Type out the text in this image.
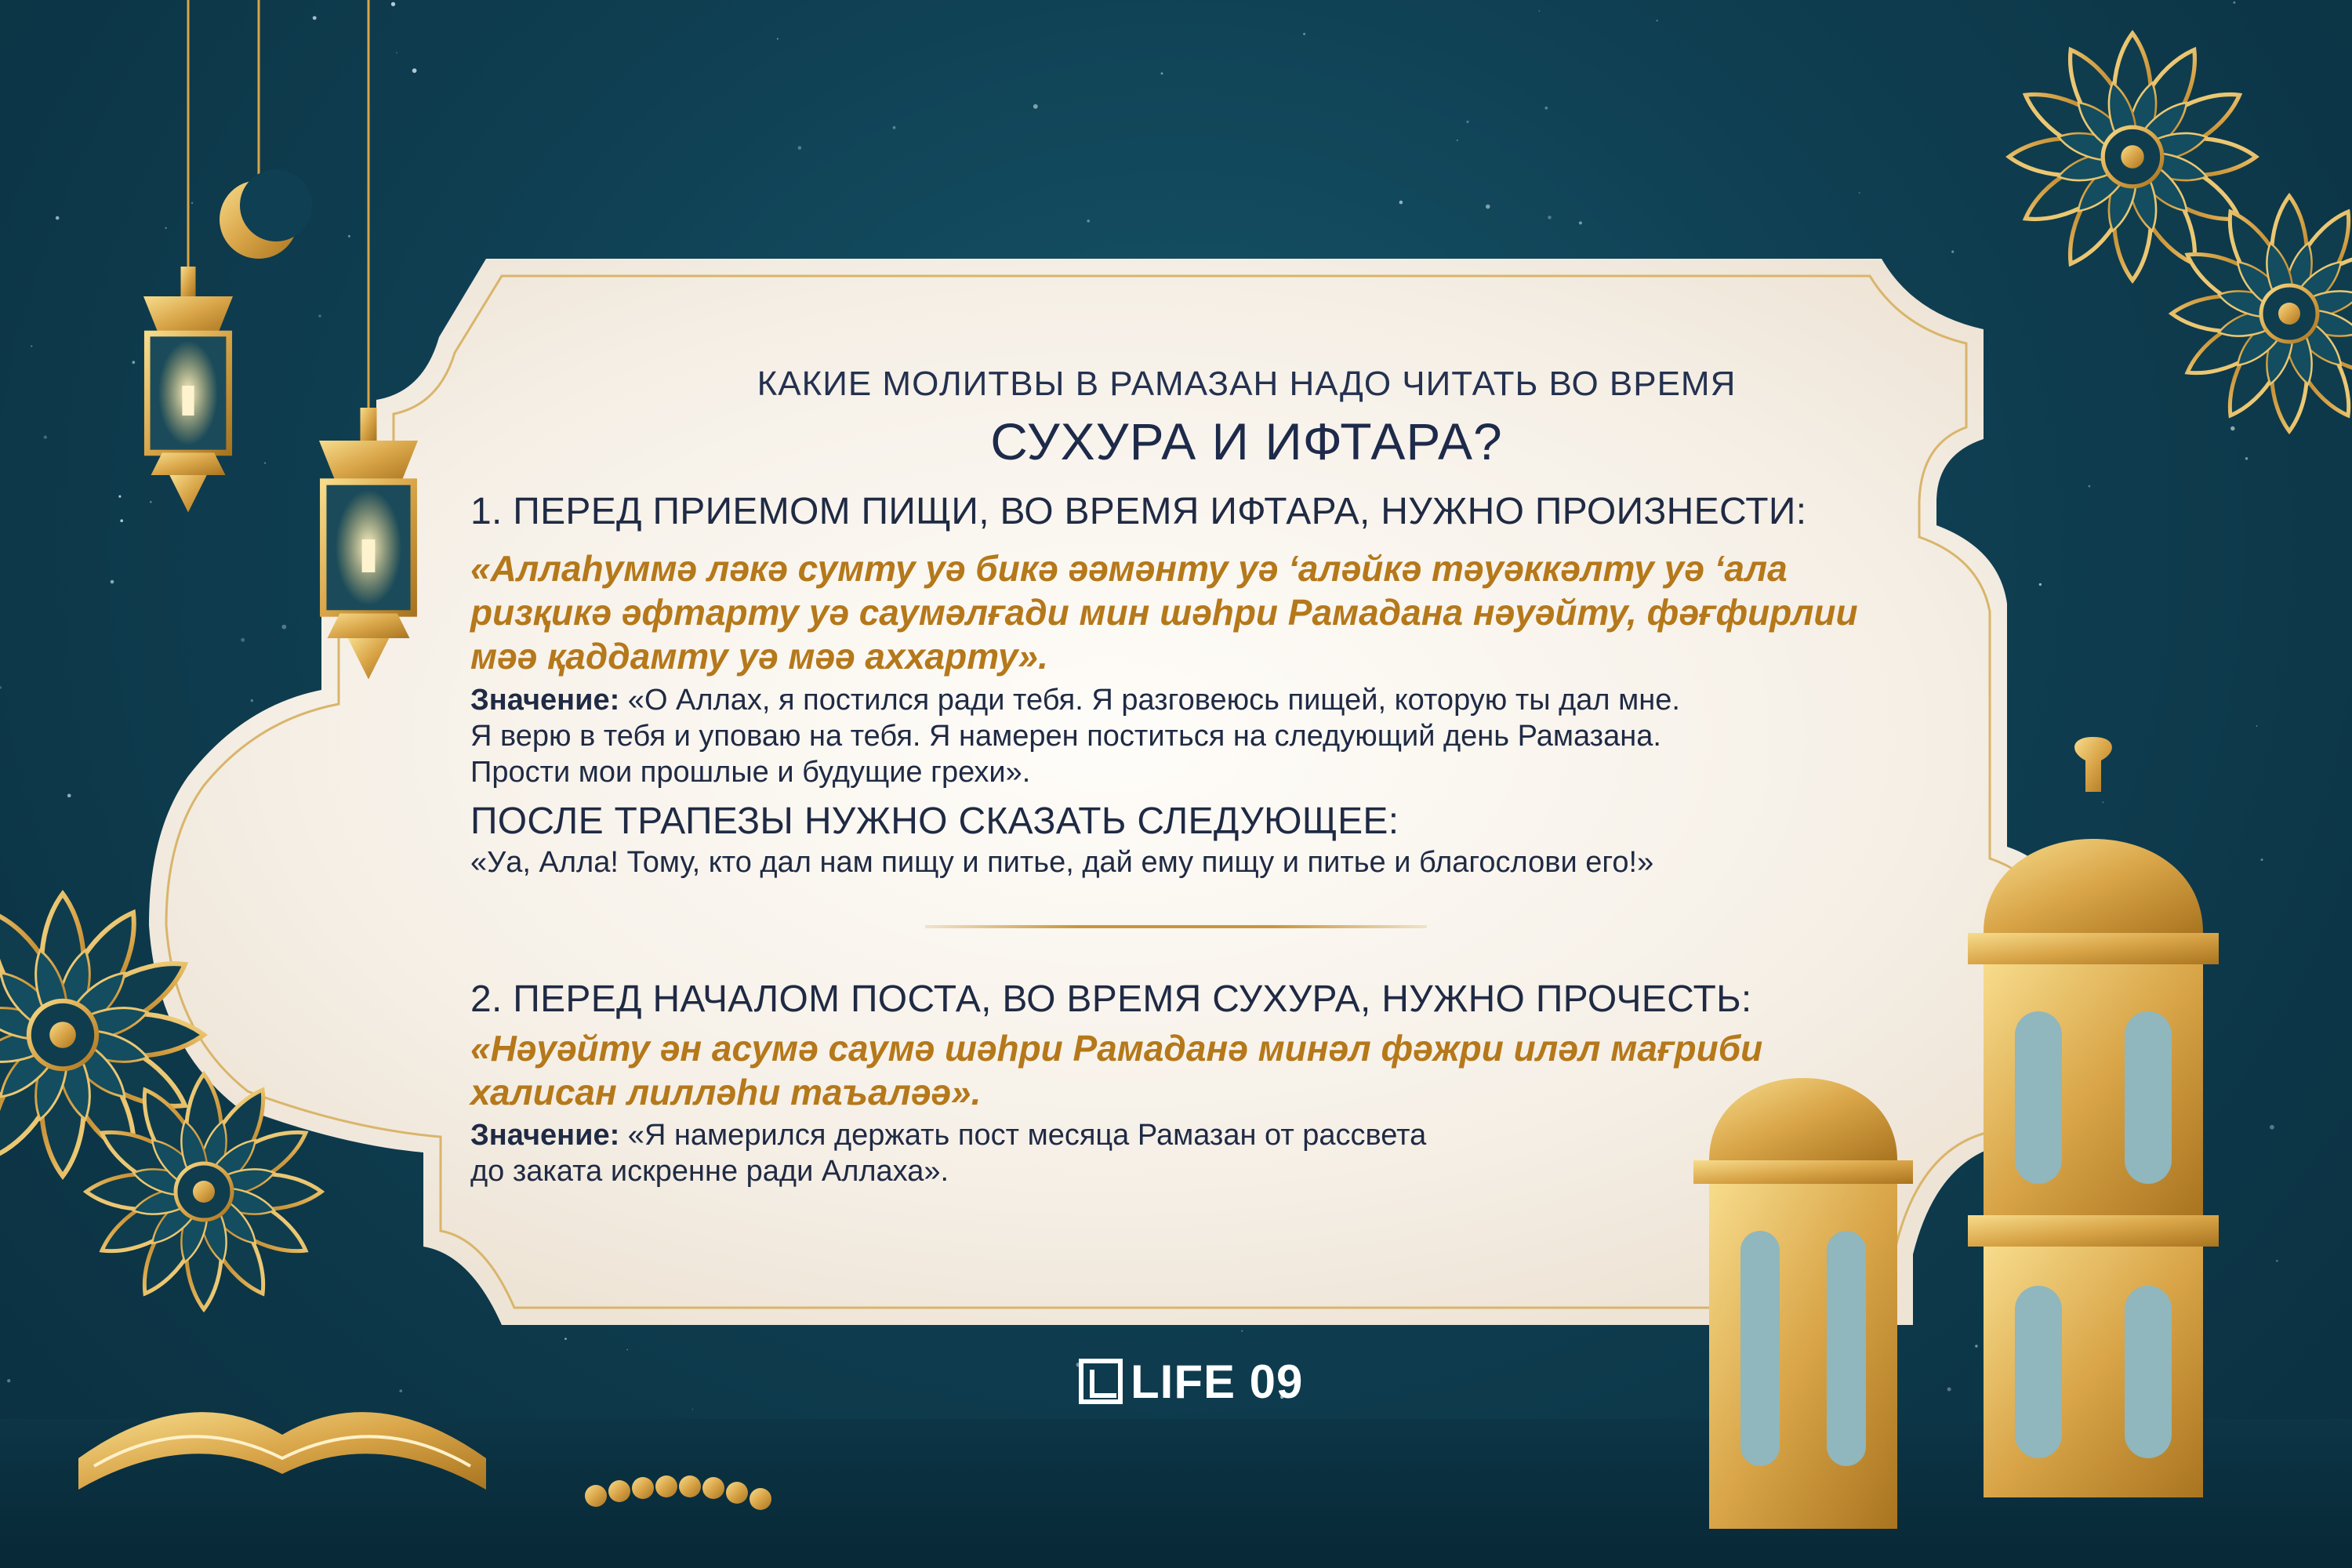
КАКИЕ МОЛИТВЫ В РАМАЗАН НАДО ЧИТАТЬ ВО ВРЕМЯ
СУХУРА И ИФТАРА?
1. ПЕРЕД ПРИЕМОМ ПИЩИ, ВО ВРЕМЯ ИФТАРА, НУЖНО ПРОИЗНЕСТИ:
«Аллаһуммә ләкә сумту уә бикә әәмәнту уә ‘аләйкә тәуәккәлту уә ‘ала
ризқикә әфтарту уә саумәлғади мин шәһри Рамадана нәуәйту, фәғфирлии
мәә қаддамту уә мәә аххарту».
Значение: «О Аллах, я постился ради тебя. Я разговеюсь пищей, которую ты дал мне.
Я верю в тебя и уповаю на тебя. Я намерен поститься на следующий день Рамазана.
Прости мои прошлые и будущие грехи».
ПОСЛЕ ТРАПЕЗЫ НУЖНО СКАЗАТЬ СЛЕДУЮЩЕЕ:
«Уа, Алла! Тому, кто дал нам пищу и питье, дай ему пищу и питье и благослови его!»
2. ПЕРЕД НАЧАЛОМ ПОСТА, ВО ВРЕМЯ СУХУРА, НУЖНО ПРОЧЕСТЬ:
«Нәуәйту ән асумә саумә шәһри Рамаданә минәл фәжри иләл мағриби
халисан лилләһи таъаләә».
Значение: «Я намерился держать пост месяца Рамазан от рассвета
до заката искренне ради Аллаха».
LIFE 09
